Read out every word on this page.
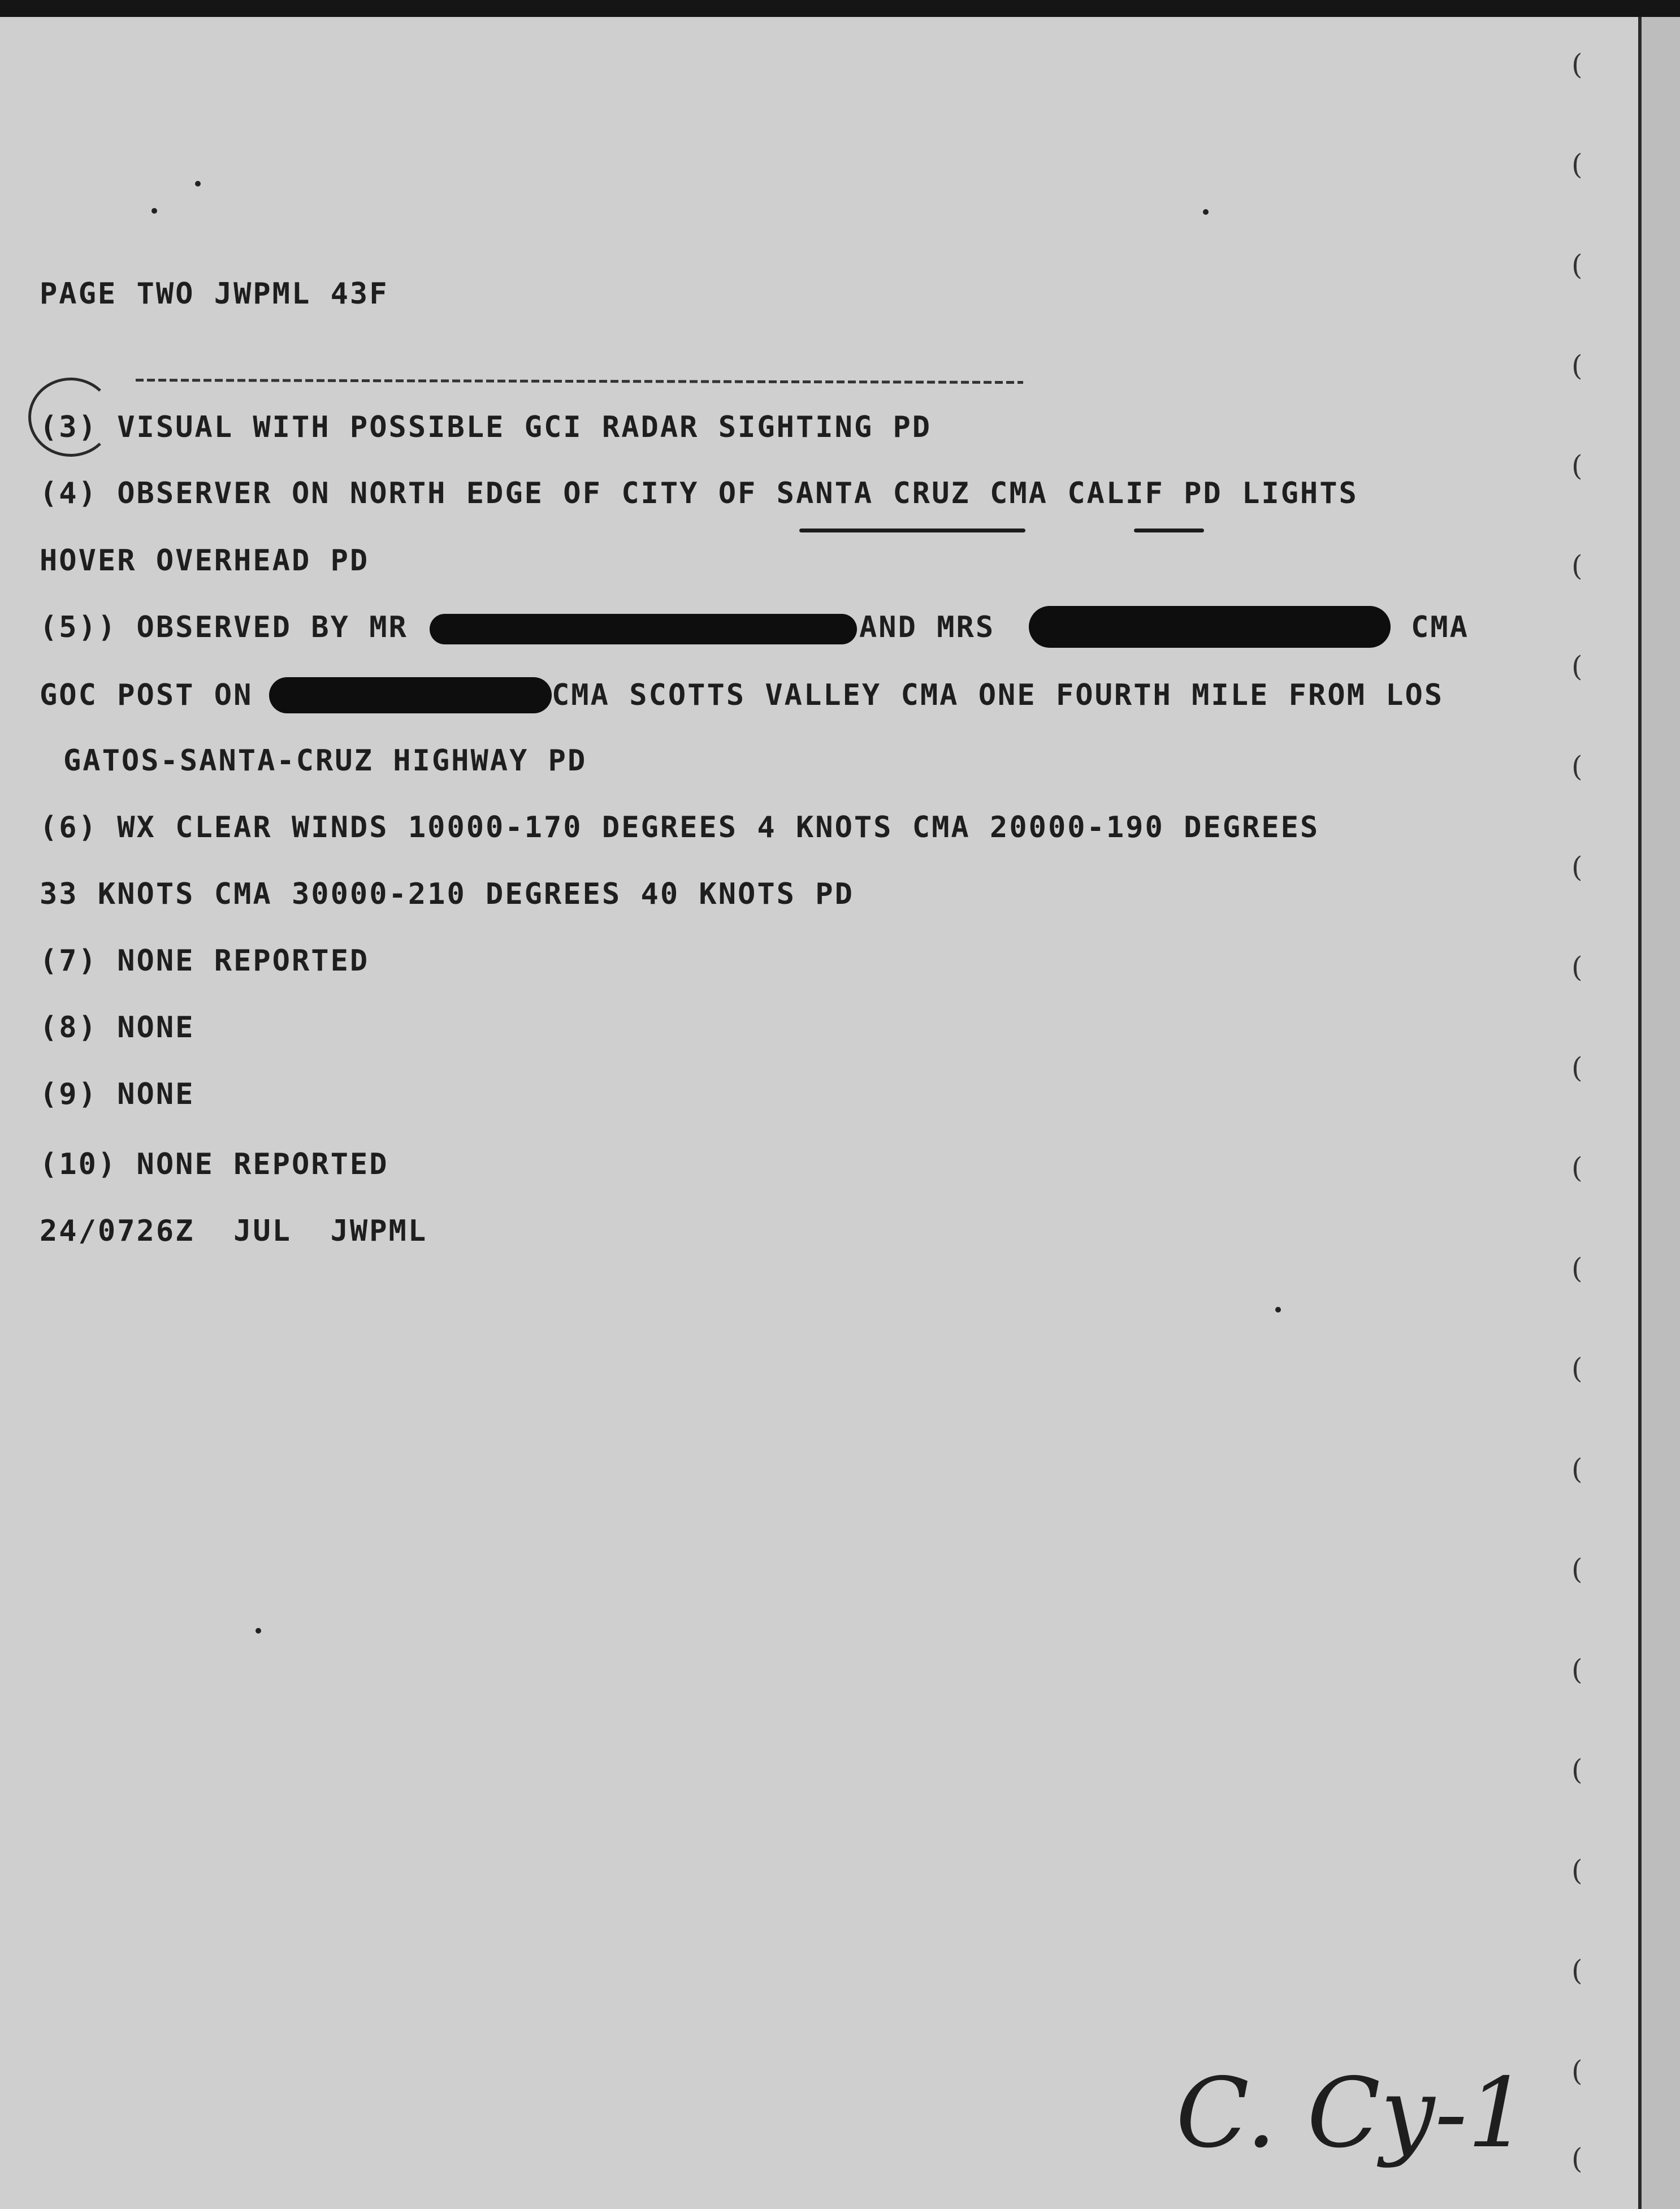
(
(
(
(
(
(
(
(
(
(
(
(
(
(
(
(
(
(
(
(
(
(

PAGE TWO JWPML 43F

(3) VISUAL WITH POSSIBLE GCI RADAR SIGHTING PD

(4) OBSERVER ON NORTH EDGE OF CITY OF SANTA CRUZ CMA CALIF PD LIGHTS

HOVER OVERHEAD PD

(5)) OBSERVED BY MR	AND MRS	CMA

GOC POST ON	CMA SCOTTS VALLEY CMA ONE FOURTH MILE FROM LOS

GATOS-SANTA-CRUZ HIGHWAY PD

(6) WX CLEAR WINDS 10000-170 DEGREES 4 KNOTS CMA 20000-190 DEGREES

33 KNOTS CMA 30000-210 DEGREES 40 KNOTS PD

(7) NONE REPORTED

(8) NONE

(9) NONE

(10) NONE REPORTED

24/0726Z  JUL  JWPML

C. Cy-1
